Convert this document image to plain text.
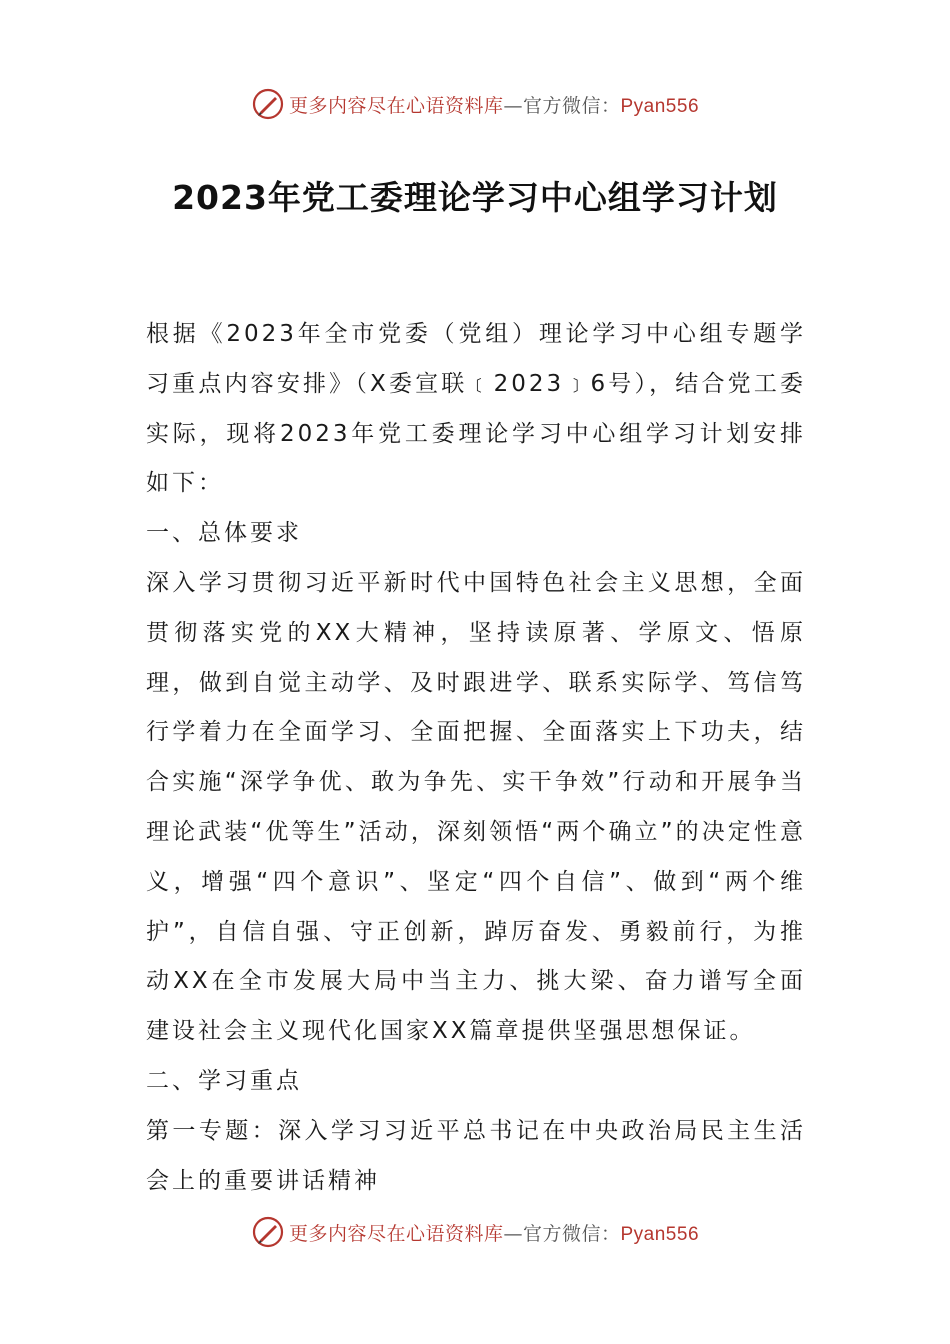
更多内容尽在心语资料库—官方微信：Pyan556
2023年党工委理论学习中心组学习计划

根据《2023年全市党委（党组）理论学习中心组专题学习重点内容安排》（X委宣联﹝2023﹞6号），结合党工委实际，现将2023年党工委理论学习中心组学习计划安排如下：

一、总体要求

深入学习贯彻习近平新时代中国特色社会主义思想，全面贯彻落实党的XX大精神，坚持读原著、学原文、悟原理，做到自觉主动学、及时跟进学、联系实际学、笃信笃行学着力在全面学习、全面把握、全面落实上下功夫，结合实施“深学争优、敢为争先、实干争效”行动和开展争当理论武装“优等生”活动，深刻领悟“两个确立”的决定性意义，增强“四个意识”、坚定“四个自信”、做到“两个维护”，自信自强、守正创新，踔厉奋发、勇毅前行，为推动XX在全市发展大局中当主力、挑大梁、奋力谱写全面建设社会主义现代化国家XX篇章提供坚强思想保证。

二、学习重点

第一专题：深入学习习近平总书记在中央政治局民主生活会上的重要讲话精神

更多内容尽在心语资料库—官方微信：Pyan556
